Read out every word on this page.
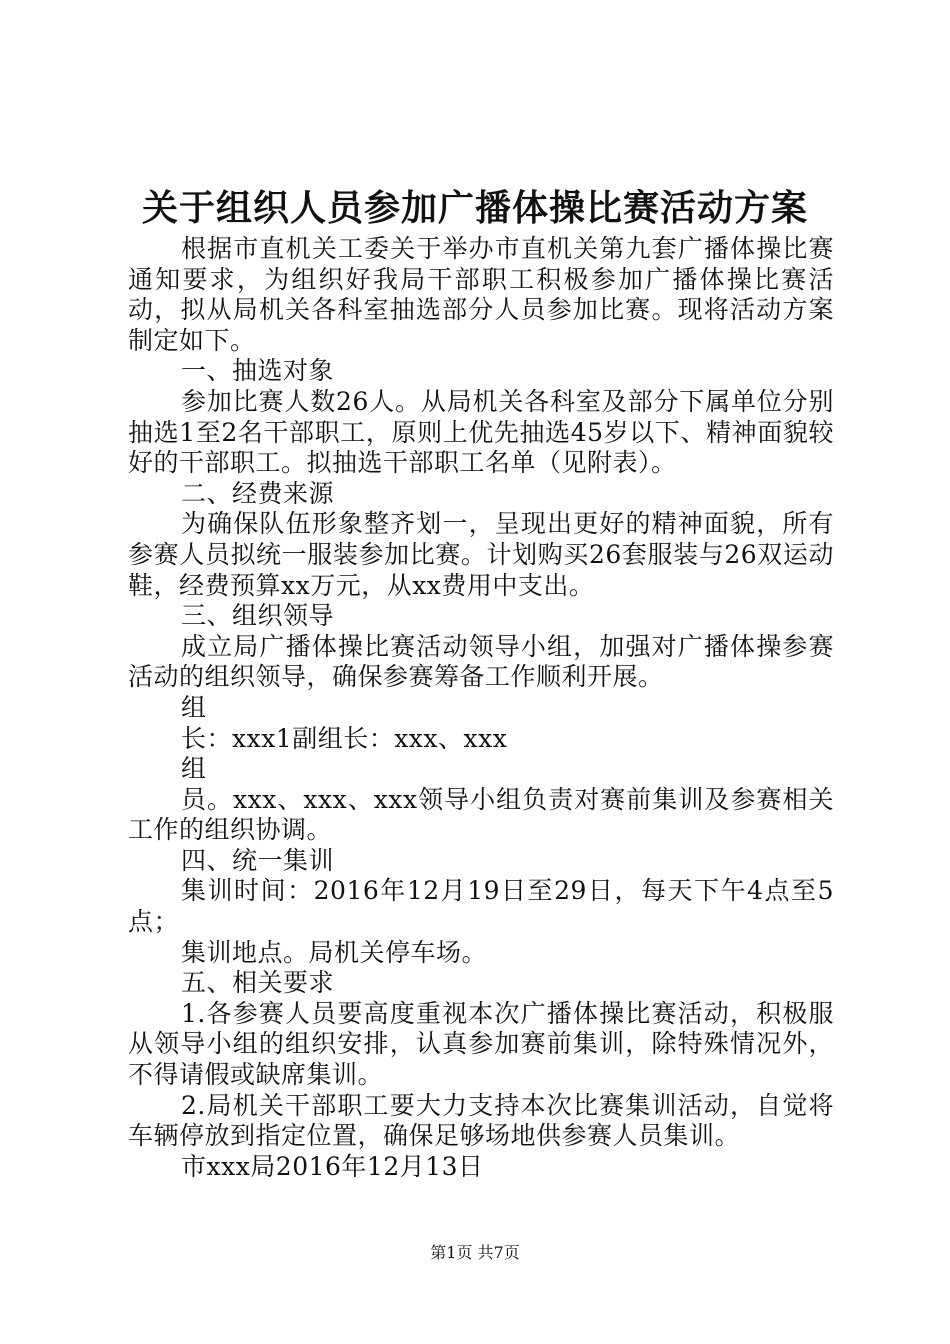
关于组织人员参加广播体操比赛活动方案

根据市直机关工委关于举办市直机关第九套广播体操比赛通知要求，为组织好我局干部职工积极参加广播体操比赛活动，拟从局机关各科室抽选部分人员参加比赛。现将活动方案制定如下。

一、抽选对象

参加比赛人数26人。从局机关各科室及部分下属单位分别抽选1至2名干部职工，原则上优先抽选45岁以下、精神面貌较好的干部职工。拟抽选干部职工名单（见附表）。

二、经费来源

为确保队伍形象整齐划一，呈现出更好的精神面貌，所有参赛人员拟统一服装参加比赛。计划购买26套服装与26双运动鞋，经费预算xx万元，从xx费用中支出。

三、组织领导

成立局广播体操比赛活动领导小组，加强对广播体操参赛活动的组织领导，确保参赛筹备工作顺利开展。

组

长：xxx1副组长：xxx、xxx

组

员。xxx、xxx、xxx领导小组负责对赛前集训及参赛相关工作的组织协调。

四、统一集训

集训时间：2016年12月19日至29日，每天下午4点至5点；

集训地点。局机关停车场。

五、相关要求

1.各参赛人员要高度重视本次广播体操比赛活动，积极服从领导小组的组织安排，认真参加赛前集训，除特殊情况外，不得请假或缺席集训。

2.局机关干部职工要大力支持本次比赛集训活动，自觉将车辆停放到指定位置，确保足够场地供参赛人员集训。

市xxx局2016年12月13日

第1页 共7页
